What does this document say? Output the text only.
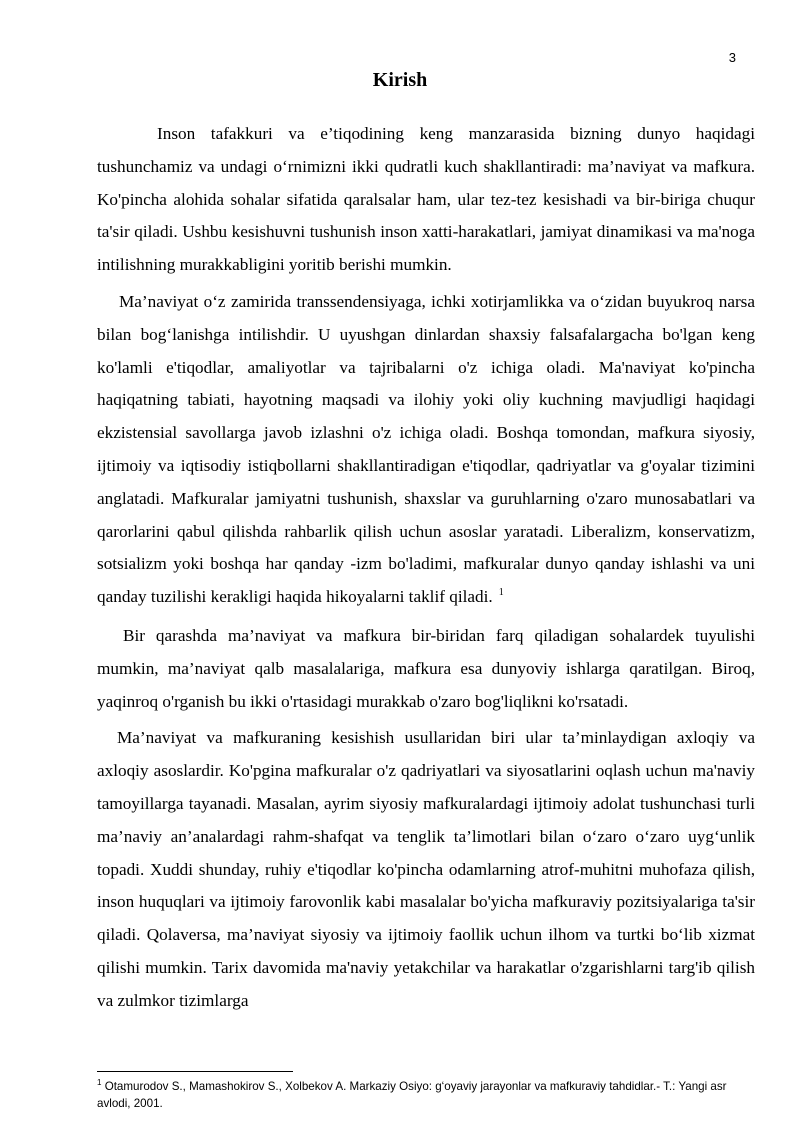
3
Kirish

Inson tafakkuri va e’tiqodining keng manzarasida bizning dunyo haqidagi tushunchamiz va undagi o‘rnimizni ikki qudratli kuch shakllantiradi: ma’naviyat va mafkura. Ko'pincha alohida sohalar sifatida qaralsalar ham, ular tez-tez kesishadi va bir-biriga chuqur ta'sir qiladi. Ushbu kesishuvni tushunish inson xatti-harakatlari, jamiyat dinamikasi va ma'noga intilishning murakkabligini yoritib berishi mumkin.

Ma’naviyat o‘z zamirida transsendensiyaga, ichki xotirjamlikka va o‘zidan buyukroq narsa bilan bog‘lanishga intilishdir. U uyushgan dinlardan shaxsiy falsafalargacha bo'lgan keng ko'lamli e'tiqodlar, amaliyotlar va tajribalarni o'z ichiga oladi. Ma'naviyat ko'pincha haqiqatning tabiati, hayotning maqsadi va ilohiy yoki oliy kuchning mavjudligi haqidagi ekzistensial savollarga javob izlashni o'z ichiga oladi. Boshqa tomondan, mafkura siyosiy, ijtimoiy va iqtisodiy istiqbollarni shakllantiradigan e'tiqodlar, qadriyatlar va g'oyalar tizimini anglatadi. Mafkuralar jamiyatni tushunish, shaxslar va guruhlarning o'zaro munosabatlari va qarorlarini qabul qilishda rahbarlik qilish uchun asoslar yaratadi. Liberalizm, konservatizm, sotsializm yoki boshqa har qanday -izm bo'ladimi, mafkuralar dunyo qanday ishlashi va uni qanday tuzilishi kerakligi haqida hikoyalarni taklif qiladi. $^1$

Bir qarashda ma’naviyat va mafkura bir-biridan farq qiladigan sohalardek tuyulishi mumkin, ma’naviyat qalb masalalariga, mafkura esa dunyoviy ishlarga qaratilgan. Biroq, yaqinroq o'rganish bu ikki o'rtasidagi murakkab o'zaro bog'liqlikni ko'rsatadi.

Ma’naviyat va mafkuraning kesishish usullaridan biri ular ta’minlaydigan axloqiy va axloqiy asoslardir. Ko'pgina mafkuralar o'z qadriyatlari va siyosatlarini oqlash uchun ma'naviy tamoyillarga tayanadi. Masalan, ayrim siyosiy mafkuralardagi ijtimoiy adolat tushunchasi turli ma’naviy an’analardagi rahm-shafqat va tenglik ta’limotlari bilan o‘zaro o‘zaro uyg‘unlik topadi. Xuddi shunday, ruhiy e'tiqodlar ko'pincha odamlarning atrof-muhitni muhofaza qilish, inson huquqlari va ijtimoiy farovonlik kabi masalalar bo'yicha mafkuraviy pozitsiyalariga ta'sir qiladi. Qolaversa, ma’naviyat siyosiy va ijtimoiy faollik uchun ilhom va turtki bo‘lib xizmat qilishi mumkin. Tarix davomida ma'naviy yetakchilar va harakatlar o'zgarishlarni targ'ib qilish va zulmkor tizimlarga

$^1$ Otamurodov S., Mamashokirov S., Xolbekov A. Markaziy Osiyo: g‘oyaviy jarayonlar va mafkuraviy tahdidlar.- T.: Yangi asr avlodi, 2001.
